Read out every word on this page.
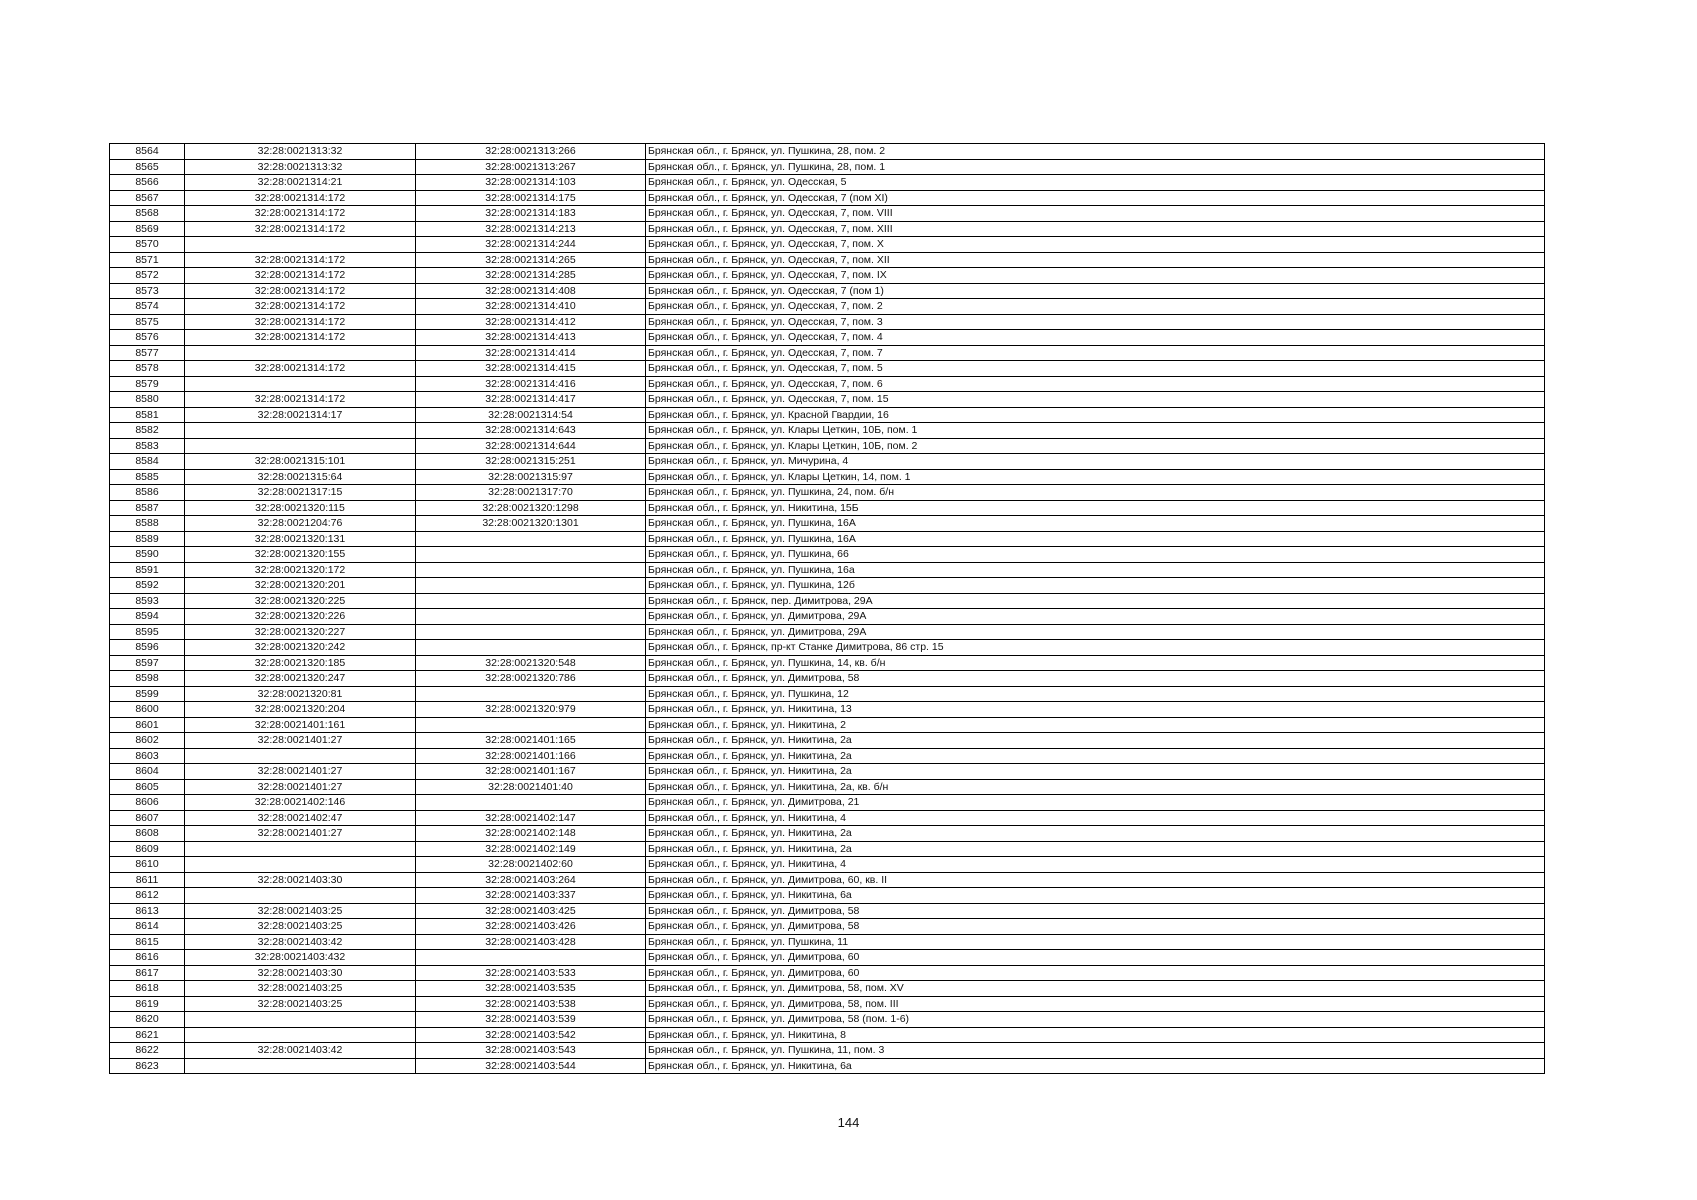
8564	32:28:0021313:32	32:28:0021313:266	Брянская обл., г. Брянск, ул. Пушкина, 28, пом. 2
8565	32:28:0021313:32	32:28:0021313:267	Брянская обл., г. Брянск, ул. Пушкина, 28, пом. 1
8566	32:28:0021314:21	32:28:0021314:103	Брянская обл., г. Брянск, ул. Одесская, 5
8567	32:28:0021314:172	32:28:0021314:175	Брянская обл., г. Брянск, ул. Одесская, 7 (пом XI)
8568	32:28:0021314:172	32:28:0021314:183	Брянская обл., г. Брянск, ул. Одесская, 7, пом. VIII
8569	32:28:0021314:172	32:28:0021314:213	Брянская обл., г. Брянск, ул. Одесская, 7, пом. XIII
8570		32:28:0021314:244	Брянская обл., г. Брянск, ул. Одесская, 7, пом. X
8571	32:28:0021314:172	32:28:0021314:265	Брянская обл., г. Брянск, ул. Одесская, 7, пом. XII
8572	32:28:0021314:172	32:28:0021314:285	Брянская обл., г. Брянск, ул. Одесская, 7, пом. IX
8573	32:28:0021314:172	32:28:0021314:408	Брянская обл., г. Брянск, ул. Одесская, 7 (пом 1)
8574	32:28:0021314:172	32:28:0021314:410	Брянская обл., г. Брянск, ул. Одесская, 7, пом. 2
8575	32:28:0021314:172	32:28:0021314:412	Брянская обл., г. Брянск, ул. Одесская, 7, пом. 3
8576	32:28:0021314:172	32:28:0021314:413	Брянская обл., г. Брянск, ул. Одесская, 7, пом. 4
8577		32:28:0021314:414	Брянская обл., г. Брянск, ул. Одесская, 7, пом. 7
8578	32:28:0021314:172	32:28:0021314:415	Брянская обл., г. Брянск, ул. Одесская, 7, пом. 5
8579		32:28:0021314:416	Брянская обл., г. Брянск, ул. Одесская, 7, пом. 6
8580	32:28:0021314:172	32:28:0021314:417	Брянская обл., г. Брянск, ул. Одесская, 7, пом. 15
8581	32:28:0021314:17	32:28:0021314:54	Брянская обл., г. Брянск, ул. Красной Гвардии, 16
8582		32:28:0021314:643	Брянская обл., г. Брянск, ул. Клары Цеткин, 10Б, пом. 1
8583		32:28:0021314:644	Брянская обл., г. Брянск, ул. Клары Цеткин, 10Б, пом. 2
8584	32:28:0021315:101	32:28:0021315:251	Брянская обл., г. Брянск, ул. Мичурина, 4
8585	32:28:0021315:64	32:28:0021315:97	Брянская обл., г. Брянск, ул. Клары Цеткин, 14, пом. 1
8586	32:28:0021317:15	32:28:0021317:70	Брянская обл., г. Брянск, ул. Пушкина, 24, пом. б/н
8587	32:28:0021320:115	32:28:0021320:1298	Брянская обл., г. Брянск, ул. Никитина, 15Б
8588	32:28:0021204:76	32:28:0021320:1301	Брянская обл., г. Брянск, ул. Пушкина, 16А
8589	32:28:0021320:131		Брянская обл., г. Брянск, ул. Пушкина, 16А
8590	32:28:0021320:155		Брянская обл., г. Брянск, ул. Пушкина, 66
8591	32:28:0021320:172		Брянская обл., г. Брянск, ул. Пушкина, 16а
8592	32:28:0021320:201		Брянская обл., г. Брянск, ул. Пушкина, 12б
8593	32:28:0021320:225		Брянская обл., г. Брянск, пер. Димитрова, 29А
8594	32:28:0021320:226		Брянская обл., г. Брянск, ул. Димитрова, 29А
8595	32:28:0021320:227		Брянская обл., г. Брянск, ул. Димитрова, 29А
8596	32:28:0021320:242		Брянская обл., г. Брянск, пр-кт Станке Димитрова, 86 стр. 15
8597	32:28:0021320:185	32:28:0021320:548	Брянская обл., г. Брянск, ул. Пушкина, 14, кв. б/н
8598	32:28:0021320:247	32:28:0021320:786	Брянская обл., г. Брянск, ул. Димитрова, 58
8599	32:28:0021320:81		Брянская обл., г. Брянск, ул. Пушкина, 12
8600	32:28:0021320:204	32:28:0021320:979	Брянская обл., г. Брянск, ул. Никитина, 13
8601	32:28:0021401:161		Брянская обл., г. Брянск, ул. Никитина, 2
8602	32:28:0021401:27	32:28:0021401:165	Брянская обл., г. Брянск, ул. Никитина, 2а
8603		32:28:0021401:166	Брянская обл., г. Брянск, ул. Никитина, 2а
8604	32:28:0021401:27	32:28:0021401:167	Брянская обл., г. Брянск, ул. Никитина, 2а
8605	32:28:0021401:27	32:28:0021401:40	Брянская обл., г. Брянск, ул. Никитина, 2а, кв. б/н
8606	32:28:0021402:146		Брянская обл., г. Брянск, ул. Димитрова, 21
8607	32:28:0021402:47	32:28:0021402:147	Брянская обл., г. Брянск, ул. Никитина, 4
8608	32:28:0021401:27	32:28:0021402:148	Брянская обл., г. Брянск, ул. Никитина, 2а
8609		32:28:0021402:149	Брянская обл., г. Брянск, ул. Никитина, 2а
8610		32:28:0021402:60	Брянская обл., г. Брянск, ул. Никитина, 4
8611	32:28:0021403:30	32:28:0021403:264	Брянская обл., г. Брянск, ул. Димитрова, 60, кв. II
8612		32:28:0021403:337	Брянская обл., г. Брянск, ул. Никитина, 6а
8613	32:28:0021403:25	32:28:0021403:425	Брянская обл., г. Брянск, ул. Димитрова, 58
8614	32:28:0021403:25	32:28:0021403:426	Брянская обл., г. Брянск, ул. Димитрова, 58
8615	32:28:0021403:42	32:28:0021403:428	Брянская обл., г. Брянск, ул. Пушкина, 11
8616	32:28:0021403:432		Брянская обл., г. Брянск, ул. Димитрова, 60
8617	32:28:0021403:30	32:28:0021403:533	Брянская обл., г. Брянск, ул. Димитрова, 60
8618	32:28:0021403:25	32:28:0021403:535	Брянская обл., г. Брянск, ул. Димитрова, 58, пом. XV
8619	32:28:0021403:25	32:28:0021403:538	Брянская обл., г. Брянск, ул. Димитрова, 58, пом. III
8620		32:28:0021403:539	Брянская обл., г. Брянск, ул. Димитрова, 58 (пом. 1-6)
8621		32:28:0021403:542	Брянская обл., г. Брянск, ул. Никитина, 8
8622	32:28:0021403:42	32:28:0021403:543	Брянская обл., г. Брянск, ул. Пушкина, 11, пом. 3
8623		32:28:0021403:544	Брянская обл., г. Брянск, ул. Никитина, 6а
144
